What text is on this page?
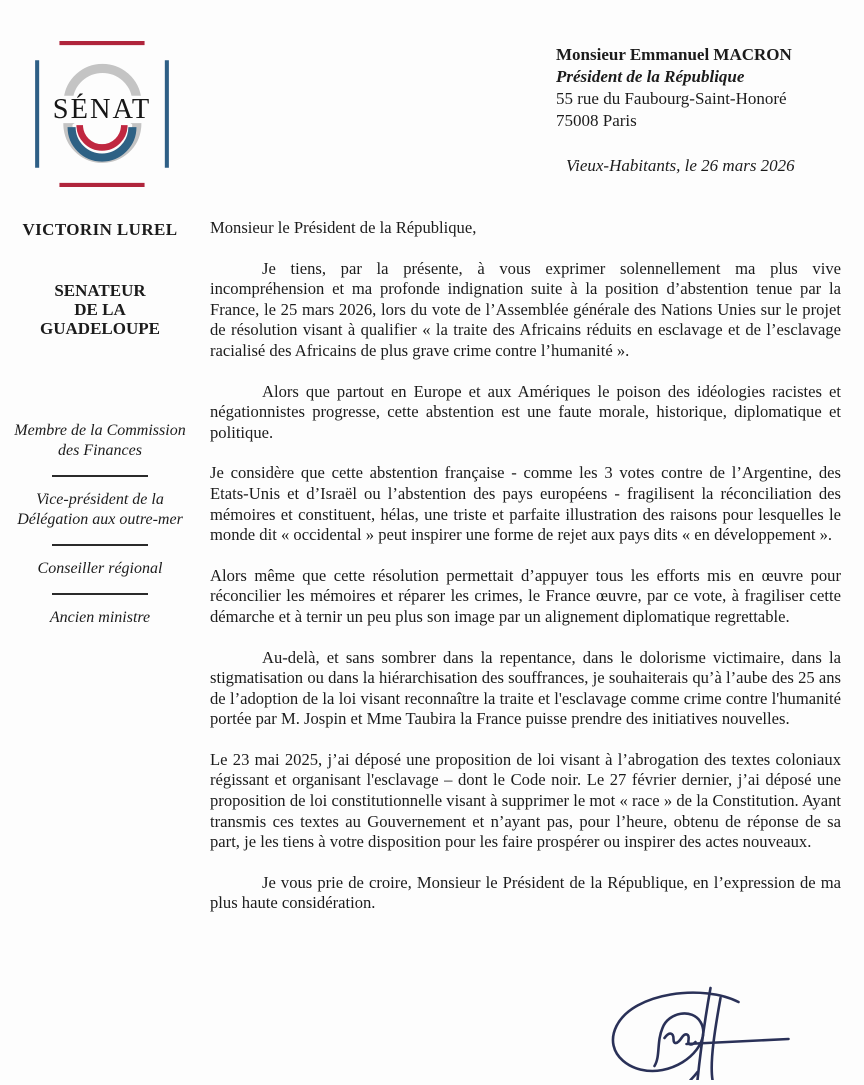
SÉNAT
Monsieur Emmanuel MACRON
Président de la République
55 rue du Faubourg-Saint-Honoré
75008 Paris
Vieux-Habitants, le 26 mars 2026
VICTORIN LUREL
SENATEUR
DE LA
GUADELOUPE
Membre de la Commission des Finances
Vice-président de la Délégation aux outre-mer
Conseiller régional
Ancien ministre

Monsieur le Président de la République,

Je tiens, par la présente, à vous exprimer solennellement ma plus vive incompréhension et ma profonde indignation suite à la position d’abstention tenue par la France, le 25 mars 2026, lors du vote de l’Assemblée générale des Nations Unies sur le projet de résolution visant à qualifier « la traite des Africains réduits en esclavage et de l’esclavage racialisé des Africains de plus grave crime contre l’humanité ».

Alors que partout en Europe et aux Amériques le poison des idéologies racistes et négationnistes progresse, cette abstention est une faute morale, historique, diplomatique et politique.

Je considère que cette abstention française - comme les 3 votes contre de l’Argentine, des Etats-Unis et d’Israël ou l’abstention des pays européens - fragilisent la réconciliation des mémoires et constituent, hélas, une triste et parfaite illustration des raisons pour lesquelles le monde dit « occidental » peut inspirer une forme de rejet aux pays dits « en développement ».

Alors même que cette résolution permettait d’appuyer tous les efforts mis en œuvre pour réconcilier les mémoires et réparer les crimes, le France œuvre, par ce vote, à fragiliser cette démarche et à ternir un peu plus son image par un alignement diplomatique regrettable.

Au-delà, et sans sombrer dans la repentance, dans le dolorisme victimaire, dans la stigmatisation ou dans la hiérarchisation des souffrances, je souhaiterais qu’à l’aube des 25 ans de l’adoption de la loi visant reconnaître la traite et l'esclavage comme crime contre l'humanité portée par M. Jospin et Mme Taubira la France puisse prendre des initiatives nouvelles.

Le 23 mai 2025, j’ai déposé une proposition de loi visant à l’abrogation des textes coloniaux régissant et organisant l'esclavage – dont le Code noir. Le 27 février dernier, j’ai déposé une proposition de loi constitutionnelle visant à supprimer le mot « race » de la Constitution. Ayant transmis ces textes au Gouvernement et n’ayant pas, pour l’heure, obtenu de réponse de sa part, je les tiens à votre disposition pour les faire prospérer ou inspirer des actes nouveaux.

Je vous prie de croire, Monsieur le Président de la République, en l’expression de ma plus haute considération.
